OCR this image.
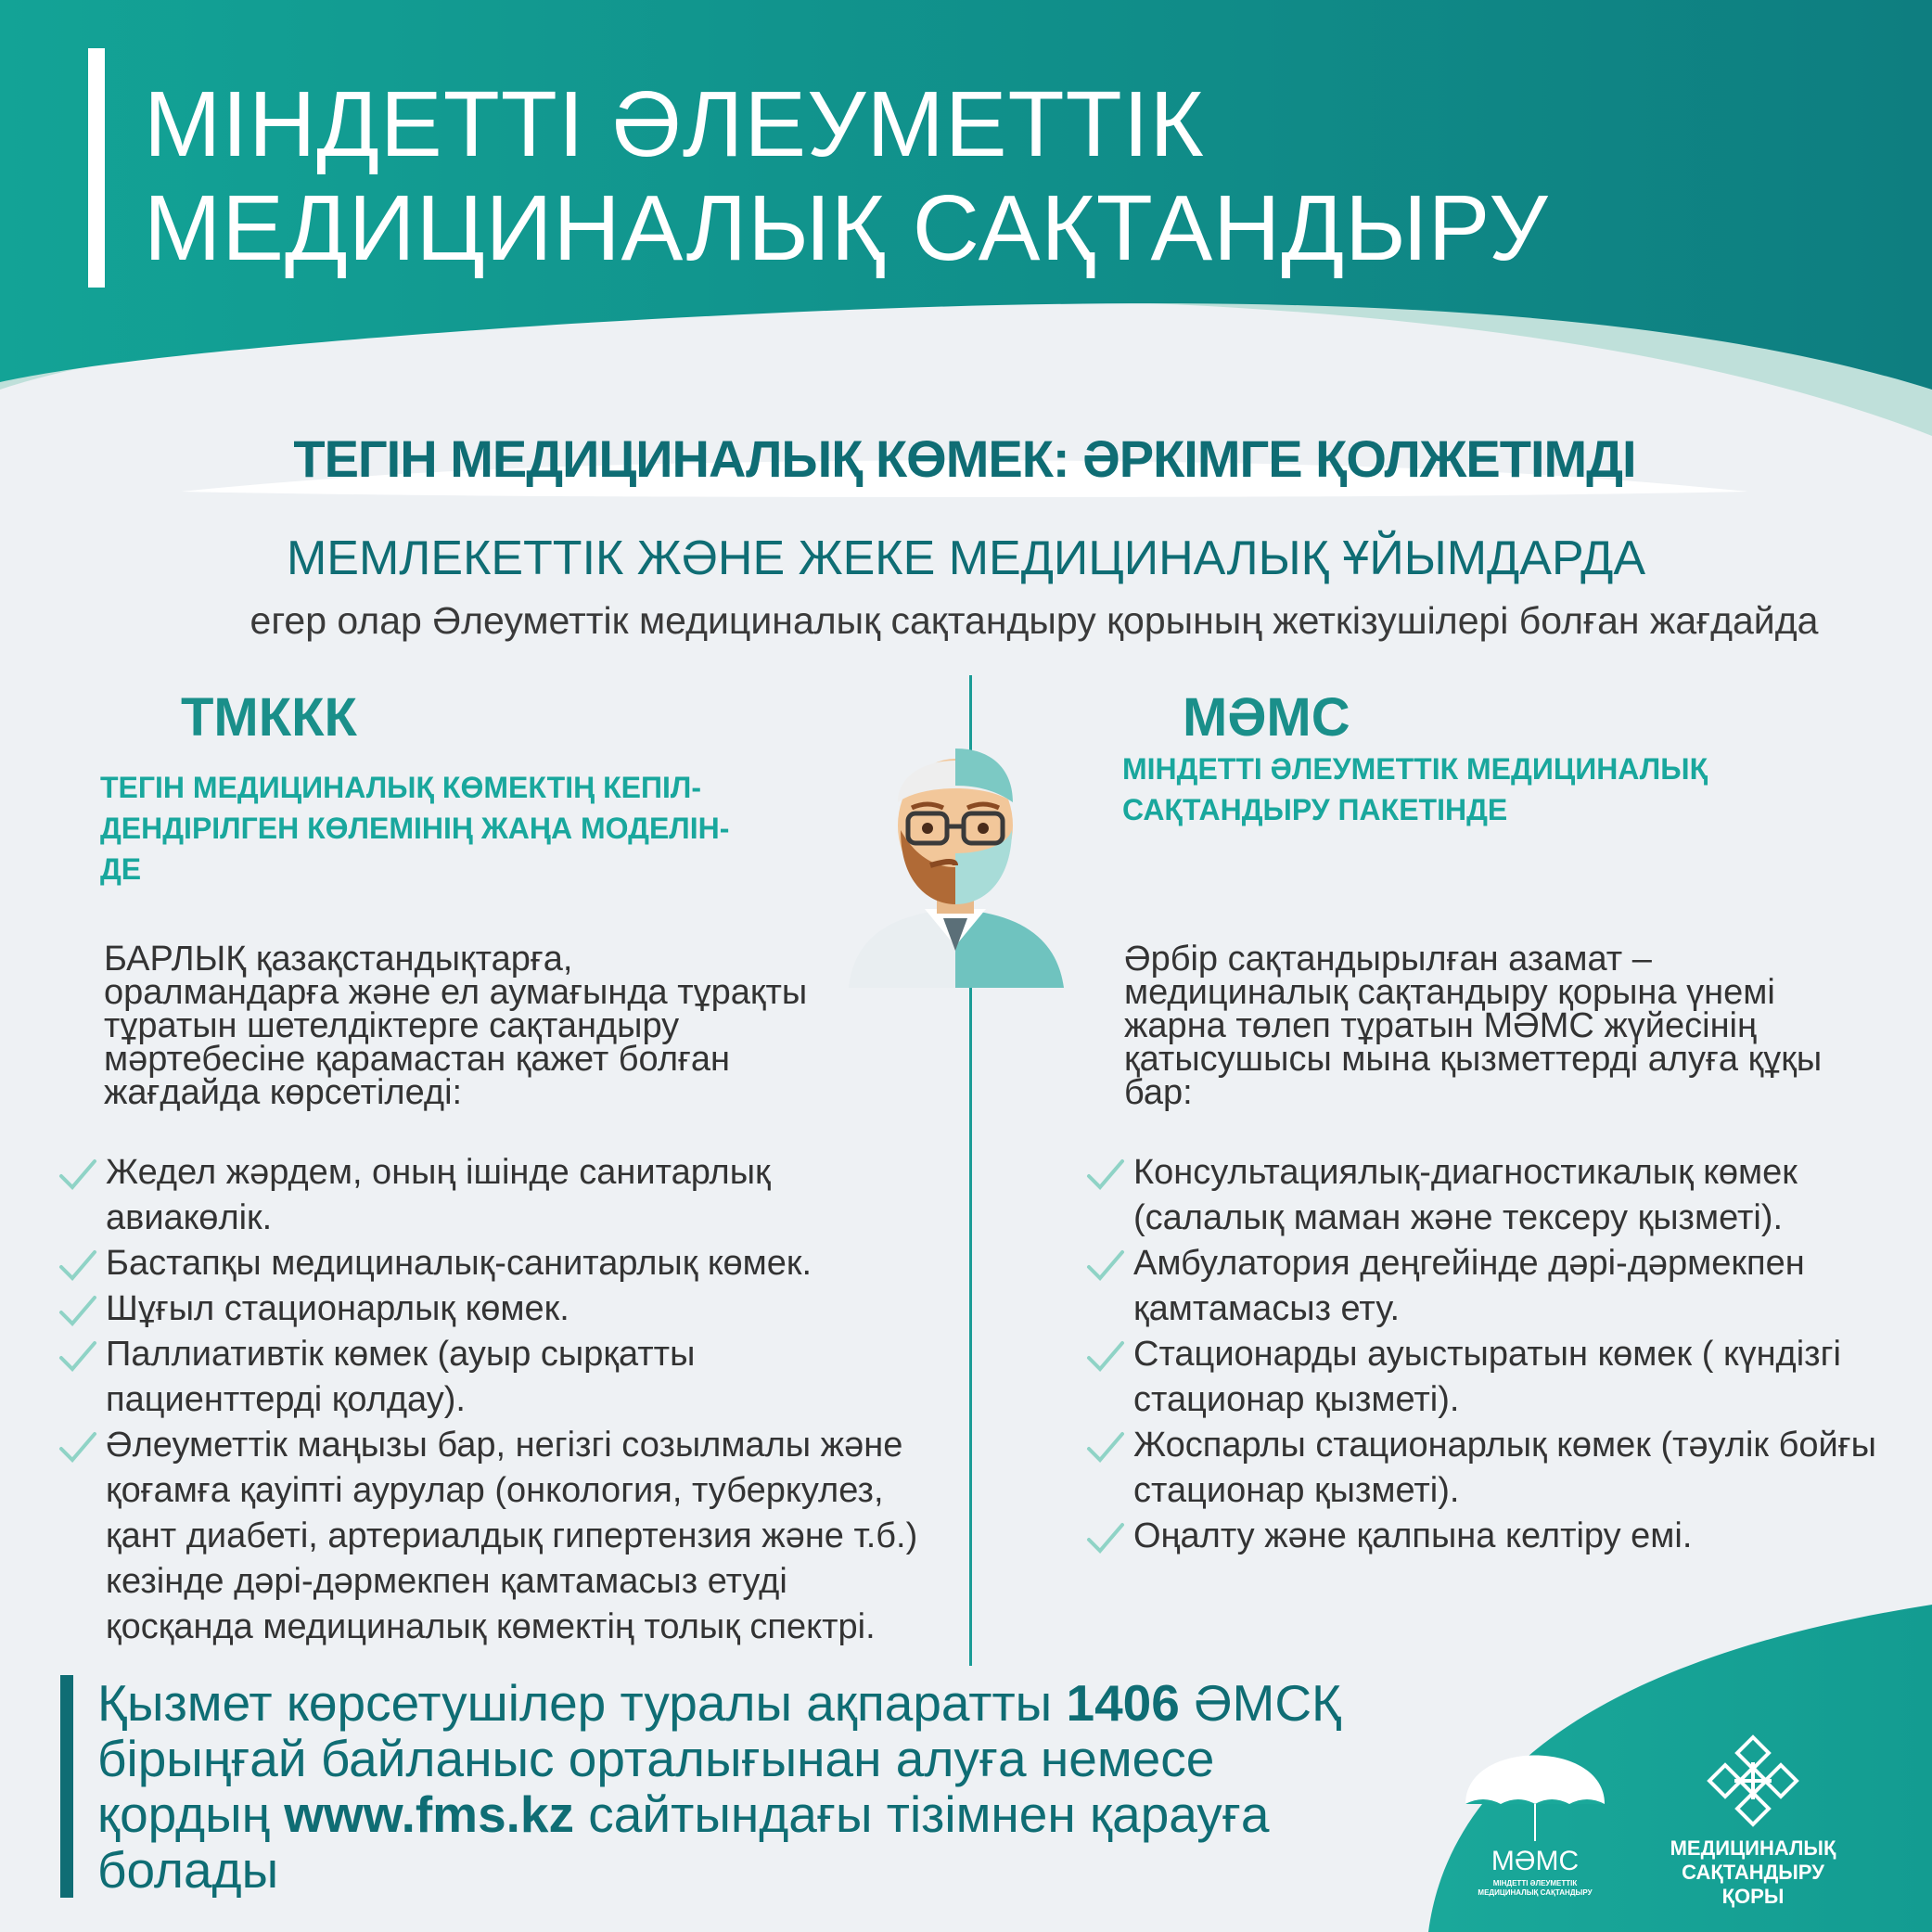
МІНДЕТТІ ӘЛЕУМЕТТІК
МЕДИЦИНАЛЫҚ САҚТАНДЫРУ
ТЕГІН МЕДИЦИНАЛЫҚ КӨМЕК: ӘРКІМГЕ ҚОЛЖЕТІМДІ
МЕМЛЕКЕТТІК ЖӘНЕ ЖЕКЕ МЕДИЦИНАЛЫҚ ҰЙЫМДАРДА
егер олар Әлеуметтік медициналық сақтандыру қорының жеткізушілері болған жағдайда
ТМККК
ТЕГІН МЕДИЦИНАЛЫҚ КӨМЕКТІҢ КЕПІЛ-
ДЕНДІРІЛГЕН КӨЛЕМІНІҢ ЖАҢА МОДЕЛІН-
ДЕ
БАРЛЫҚ қазақстандықтарға,
оралмандарға және ел аумағында тұрақты
тұратын шетелдіктерге сақтандыру
мәртебесіне қарамастан қажет болған
жағдайда көрсетіледі:
Жедел жәрдем, оның ішінде санитарлық авиакөлік.
Бастапқы медициналық-санитарлық көмек.
Шұғыл стационарлық көмек.
Паллиативтік көмек (ауыр сырқатты пациенттерді қолдау).
Әлеуметтік маңызы бар, негізгі созылмалы және қоғамға қауіпті аурулар (онкология, туберкулез, қант диабеті, артериалдық гипертензия және т.б.) кезінде дәрі-дәрмекпен қамтамасыз етуді қосқанда медициналық көмектің толық спектрі.
МӘМС
МІНДЕТТІ ӘЛЕУМЕТТІК МЕДИЦИНАЛЫҚ
САҚТАНДЫРУ ПАКЕТІНДЕ
Әрбір сақтандырылған азамат –
медициналық сақтандыру қорына үнемі
жарна төлеп тұратын МӘМС жүйесінің
қатысушысы мына қызметтерді алуға құқы
бар:
Консультациялық-диагностикалық көмек (салалық маман және тексеру қызметі).
Амбулатория деңгейінде дәрі-дәрмекпен қамтамасыз ету.
Стационарды ауыстыратын көмек ( күндізгі стационар қызметі).
Жоспарлы стационарлық көмек (тәулік бойғы стационар қызметі).
Оңалту және қалпына келтіру емі.
Қызмет көрсетушілер туралы ақпаратты 1406 ӘМСҚ
бірыңғай байланыс орталығынан алуға немесе
қордың www.fms.kz сайтындағы тізімнен қарауға
болады	МӘМС
МІНДЕТТІ ӘЛЕУМЕТТІК
МЕДИЦИНАЛЫҚ САҚТАНДЫРУ
МЕДИЦИНАЛЫҚ
САҚТАНДЫРУ
ҚОРЫ
